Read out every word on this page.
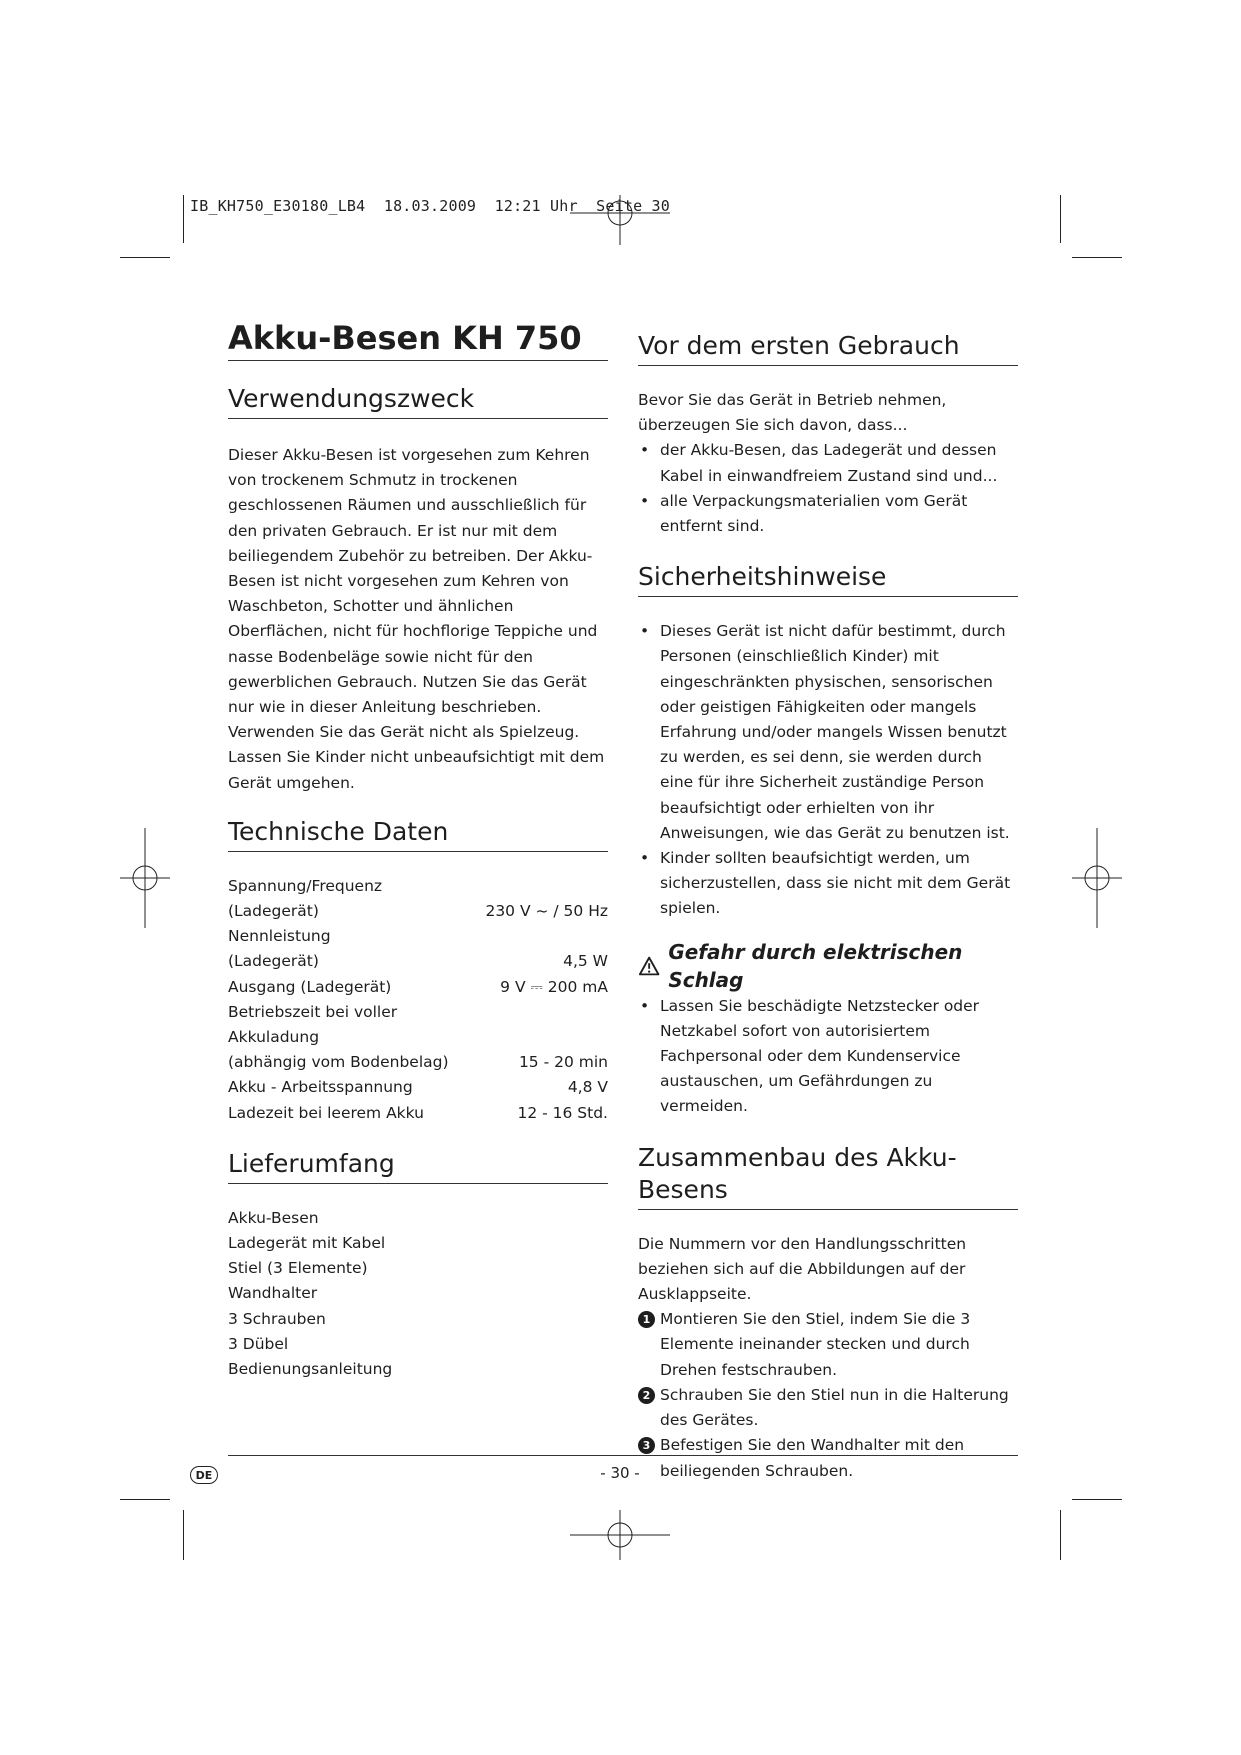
IB_KH750_E30180_LB4  18.03.2009  12:21 Uhr  Seite 30
Akku-Besen KH 750
Verwendungszweck

Dieser Akku-Besen ist vorgesehen zum Kehren von trockenem Schmutz in trockenen geschlossenen Räumen und ausschließlich für den privaten Gebrauch. Er ist nur mit dem beiliegendem Zubehör zu betreiben. Der Akku-Besen ist nicht vorgesehen zum Kehren von Waschbeton, Schotter und ähnlichen Oberflächen, nicht für hochflorige Teppiche und nasse Bodenbeläge sowie nicht für den gewerblichen Gebrauch. Nutzen Sie das Gerät nur wie in dieser Anleitung beschrieben. Verwenden Sie das Gerät nicht als Spielzeug. Lassen Sie Kinder nicht unbeaufsichtigt mit dem Gerät umgehen.

Technische Daten
Spannung/Frequenz
(Ladegerät)	230 V ~ / 50 Hz
Nennleistung
(Ladegerät)	4,5 W
Ausgang (Ladegerät)	9 V ⎓ 200 mA
Betriebszeit bei voller Akkuladung
(abhängig vom Bodenbelag)	15 - 20 min
Akku - Arbeitsspannung	4,8 V
Ladezeit bei leerem Akku	12 - 16 Std.
Lieferumfang
Akku-Besen
Ladegerät mit Kabel
Stiel (3 Elemente)
Wandhalter
3 Schrauben
3 Dübel
Bedienungsanleitung
Vor dem ersten Gebrauch

Bevor Sie das Gerät in Betrieb nehmen, überzeugen Sie sich davon, dass...

• der Akku-Besen, das Ladegerät und dessen Kabel in einwandfreiem Zustand sind und...
• alle Verpackungsmaterialien vom Gerät entfernt sind.
Sicherheitshinweise
• Dieses Gerät ist nicht dafür bestimmt, durch Personen (einschließlich Kinder) mit eingeschränkten physischen, sensorischen oder geistigen Fähigkeiten oder mangels Erfahrung und/oder mangels Wissen benutzt zu werden, es sei denn, sie werden durch eine für ihre Sicherheit zuständige Person beaufsichtigt oder erhielten von ihr Anweisungen, wie das Gerät zu benutzen ist.
• Kinder sollten beaufsichtigt werden, um sicherzustellen, dass sie nicht mit dem Gerät spielen.
Gefahr durch elektrischen Schlag
• Lassen Sie beschädigte Netzstecker oder Netzkabel sofort von autorisiertem Fachpersonal oder dem Kundenservice austauschen, um Gefährdungen zu vermeiden.
Zusammenbau des Akku-Besens

Die Nummern vor den Handlungsschritten beziehen sich auf die Abbildungen auf der Ausklappseite.

1 Montieren Sie den Stiel, indem Sie die 3 Elemente ineinander stecken und durch Drehen festschrauben.
2 Schrauben Sie den Stiel nun in die Halterung des Gerätes.
3 Befestigen Sie den Wandhalter mit den beiliegenden Schrauben.
DE	- 30 -
